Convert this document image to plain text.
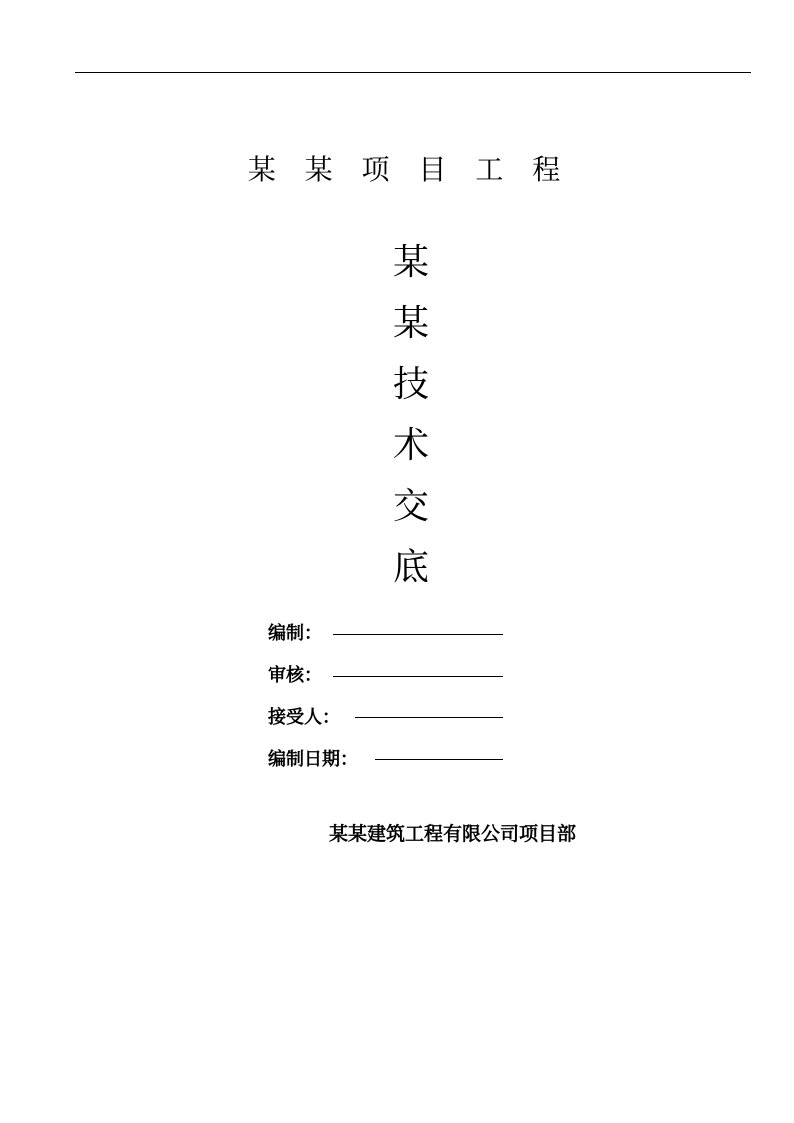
某 某 项 目 工 程
某
某
技
术
交
底
编制：
审核：
接受人：
编制日期：
某某建筑工程有限公司项目部
